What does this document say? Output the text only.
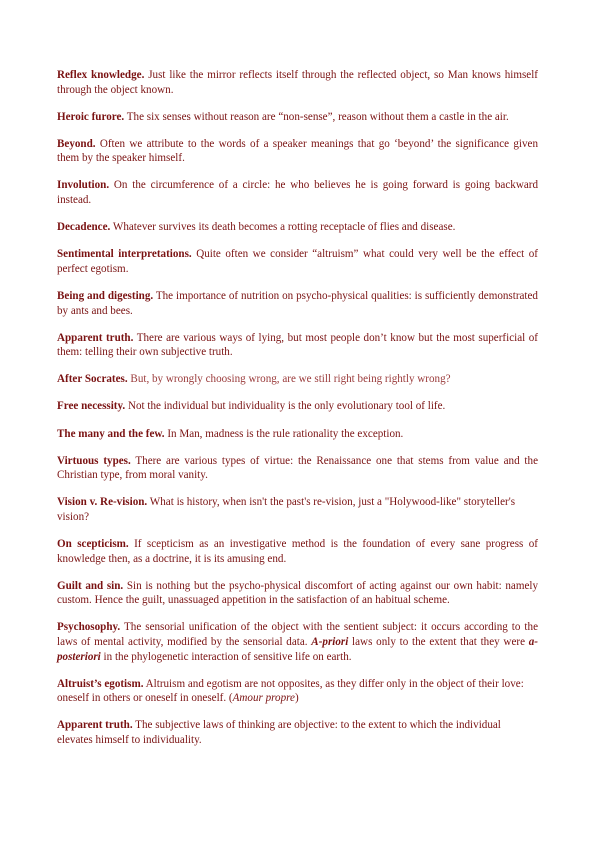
Reflex knowledge. Just like the mirror reflects itself through the reflected object, so Man knows himself through the object known.

Heroic furore. The six senses without reason are “non-sense”, reason without them a castle in the air.

Beyond. Often we attribute to the words of a speaker meanings that go ‘beyond’ the significance given them by the speaker himself.

Involution. On the circumference of a circle: he who believes he is going forward is going backward instead.

Decadence. Whatever survives its death becomes a rotting receptacle of flies and disease.

Sentimental interpretations. Quite often we consider “altruism” what could very well be the effect of perfect egotism.

Being and digesting. The importance of nutrition on psycho-physical qualities: is sufficiently demonstrated by ants and bees.

Apparent truth. There are various ways of lying, but most people don’t know but the most superficial of them: telling their own subjective truth.

After Socrates. But, by wrongly choosing wrong, are we still right being rightly wrong?

Free necessity. Not the individual but individuality is the only evolutionary tool of life.

The many and the few. In Man, madness is the rule rationality the exception.

Virtuous types. There are various types of virtue: the Renaissance one that stems from value and the Christian type, from moral vanity.

Vision v. Re-vision. What is history, when isn't the past's re-vision, just a "Holywood-like" storyteller's vision?

On scepticism. If scepticism as an investigative method is the foundation of every sane progress of knowledge then, as a doctrine, it is its amusing end.

Guilt and sin. Sin is nothing but the psycho-physical discomfort of acting against our own habit: namely custom. Hence the guilt, unassuaged appetition in the satisfaction of an habitual scheme.

Psychosophy. The sensorial unification of the object with the sentient subject: it occurs according to the laws of mental activity, modified by the sensorial data. A-priori laws only to the extent that they were a-posteriori in the phylogenetic interaction of sensitive life on earth.

Altruist’s egotism. Altruism and egotism are not opposites, as they differ only in the object of their love: oneself in others or oneself in oneself. (Amour propre)

Apparent truth. The subjective laws of thinking are objective: to the extent to which the individual elevates himself to individuality.
